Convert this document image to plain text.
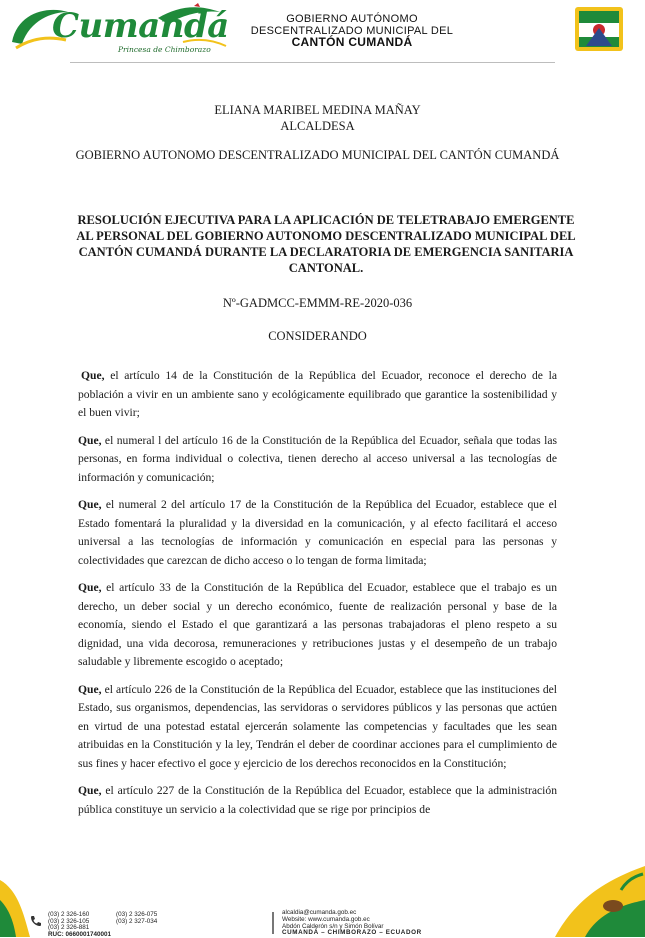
Cumandá
Princesa de Chimborazo
GOBIERNO AUTÓNOMO
DESCENTRALIZADO MUNICIPAL DEL
CANTÓN CUMANDÁ
ELIANA MARIBEL MEDINA MAÑAY
ALCALDESA
GOBIERNO AUTONOMO DESCENTRALIZADO MUNICIPAL DEL CANTÓN CUMANDÁ
RESOLUCIÓN EJECUTIVA PARA LA APLICACIÓN DE TELETRABAJO EMERGENTE AL PERSONAL DEL GOBIERNO AUTONOMO DESCENTRALIZADO MUNICIPAL DEL CANTÓN CUMANDÁ DURANTE LA DECLARATORIA DE EMERGENCIA SANITARIA CANTONAL.
Nº-GADMCC-EMMM-RE-2020-036
CONSIDERANDO

Que, el artículo 14 de la Constitución de la República del Ecuador, reconoce el derecho de la población a vivir en un ambiente sano y ecológicamente equilibrado que garantice la sostenibilidad y el buen vivir;

Que, el numeral l del artículo 16 de la Constitución de la República del Ecuador, señala que todas las personas, en forma individual o colectiva, tienen derecho al acceso universal a las tecnologías de información y comunicación;

Que, el numeral 2 del artículo 17 de la Constitución de la República del Ecuador, establece que el Estado fomentará la pluralidad y la diversidad en la comunicación, y al efecto facilitará el acceso universal a las tecnologías de información y comunicación en especial para las personas y colectividades que carezcan de dicho acceso o lo tengan de forma limitada;

Que, el artículo 33 de la Constitución de la República del Ecuador, establece que el trabajo es un derecho, un deber social y un derecho económico, fuente de realización personal y base de la economía, siendo el Estado el que garantizará a las personas trabajadoras el pleno respeto a su dignidad, una vida decorosa, remuneraciones y retribuciones justas y el desempeño de un trabajo saludable y libremente escogido o aceptado;

Que, el artículo 226 de la Constitución de la República del Ecuador, establece que las instituciones del Estado, sus organismos, dependencias, las servidoras o servidores públicos y las personas que actúen en virtud de una potestad estatal ejercerán solamente las competencias y facultades que les sean atribuidas en la Constitución y la ley, Tendrán el deber de coordinar acciones para el cumplimiento de sus fines y hacer efectivo el goce y ejercicio de los derechos reconocidos en la Constitución;

Que, el artículo 227 de la Constitución de la República del Ecuador, establece que la administración pública constituye un servicio a la colectividad que se rige por principios de

(03) 2 326-160	(03) 2 326-075
(03) 2 326-105	(03) 2 327-034
(03) 2 326-881
RUC: 0660001740001
alcaldia@cumanda.gob.ec
Website: www.cumanda.gob.ec
Abdón Calderón s/n y Simón Bolívar
CUMANDÁ – CHIMBORAZO – ECUADOR
